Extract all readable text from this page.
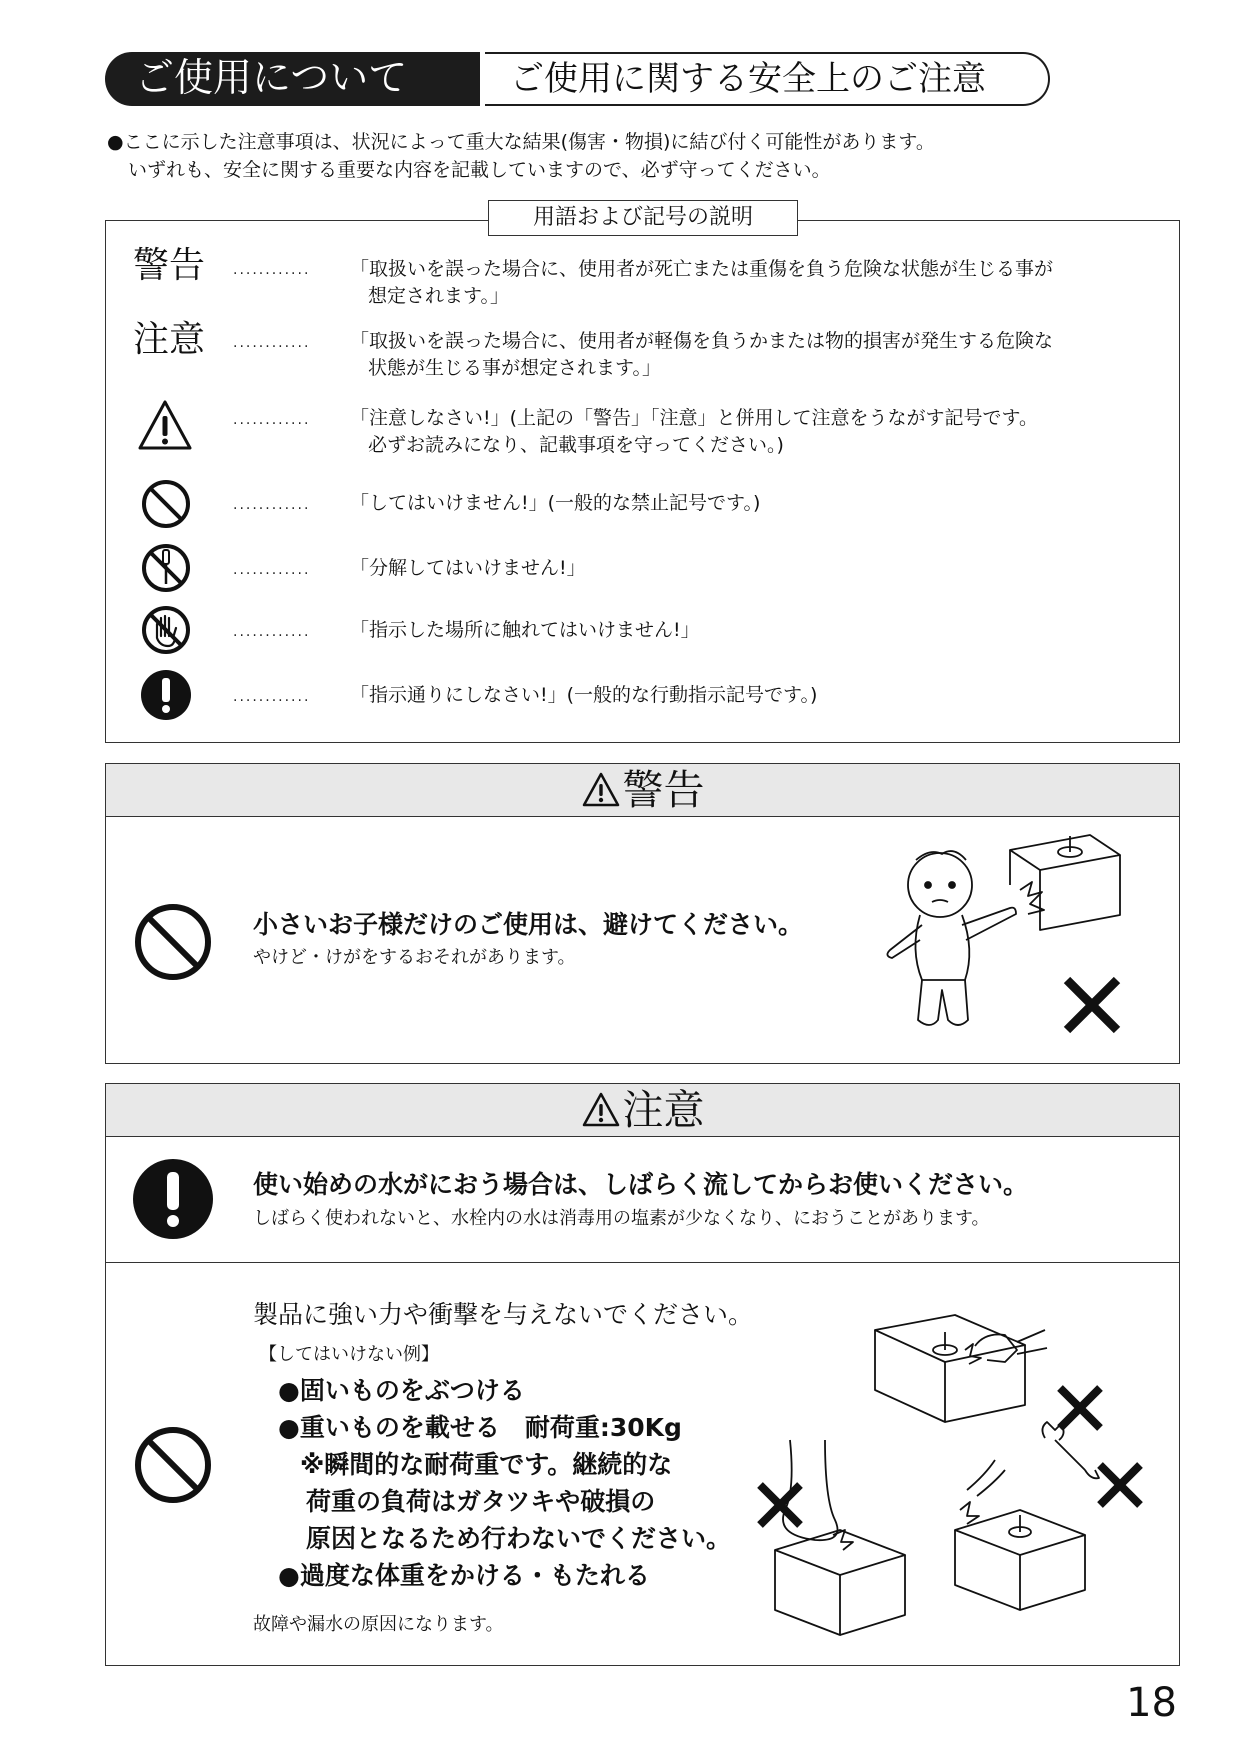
ご使用について	ご使用に関する安全上のご注意
●ここに示した注意事項は、状況によって重大な結果(傷害・物損)に結び付く可能性があります。
いずれも、安全に関する重要な内容を記載していますので、必ず守ってください。
用語および記号の説明
警告 ............ 「取扱いを誤った場合に、使用者が死亡または重傷を負う危険な状態が生じる事が
想定されます。」
注意 ............ 「取扱いを誤った場合に、使用者が軽傷を負うかまたは物的損害が発生する危険な
状態が生じる事が想定されます。」
............ 「注意しなさい!」(上記の「警告」「注意」と併用して注意をうながす記号です。
必ずお読みになり、記載事項を守ってください。)
............ 「してはいけません!」(一般的な禁止記号です。)
............ 「分解してはいけません!」
............ 「指示した場所に触れてはいけません!」
............ 「指示通りにしなさい!」(一般的な行動指示記号です。)
警告
小さいお子様だけのご使用は、避けてください。
やけど・けがをするおそれがあります。
注意
使い始めの水がにおう場合は、しばらく流してからお使いください。
しばらく使われないと、水栓内の水は消毒用の塩素が少なくなり、におうことがあります。
製品に強い力や衝撃を与えないでください。
【してはいけない例】
●固いものをぶつける
●重いものを載せる　耐荷重:30Kg
※瞬間的な耐荷重です。継続的な
荷重の負荷はガタツキや破損の
原因となるため行わないでください。
●過度な体重をかける・もたれる
故障や漏水の原因になります。
18
